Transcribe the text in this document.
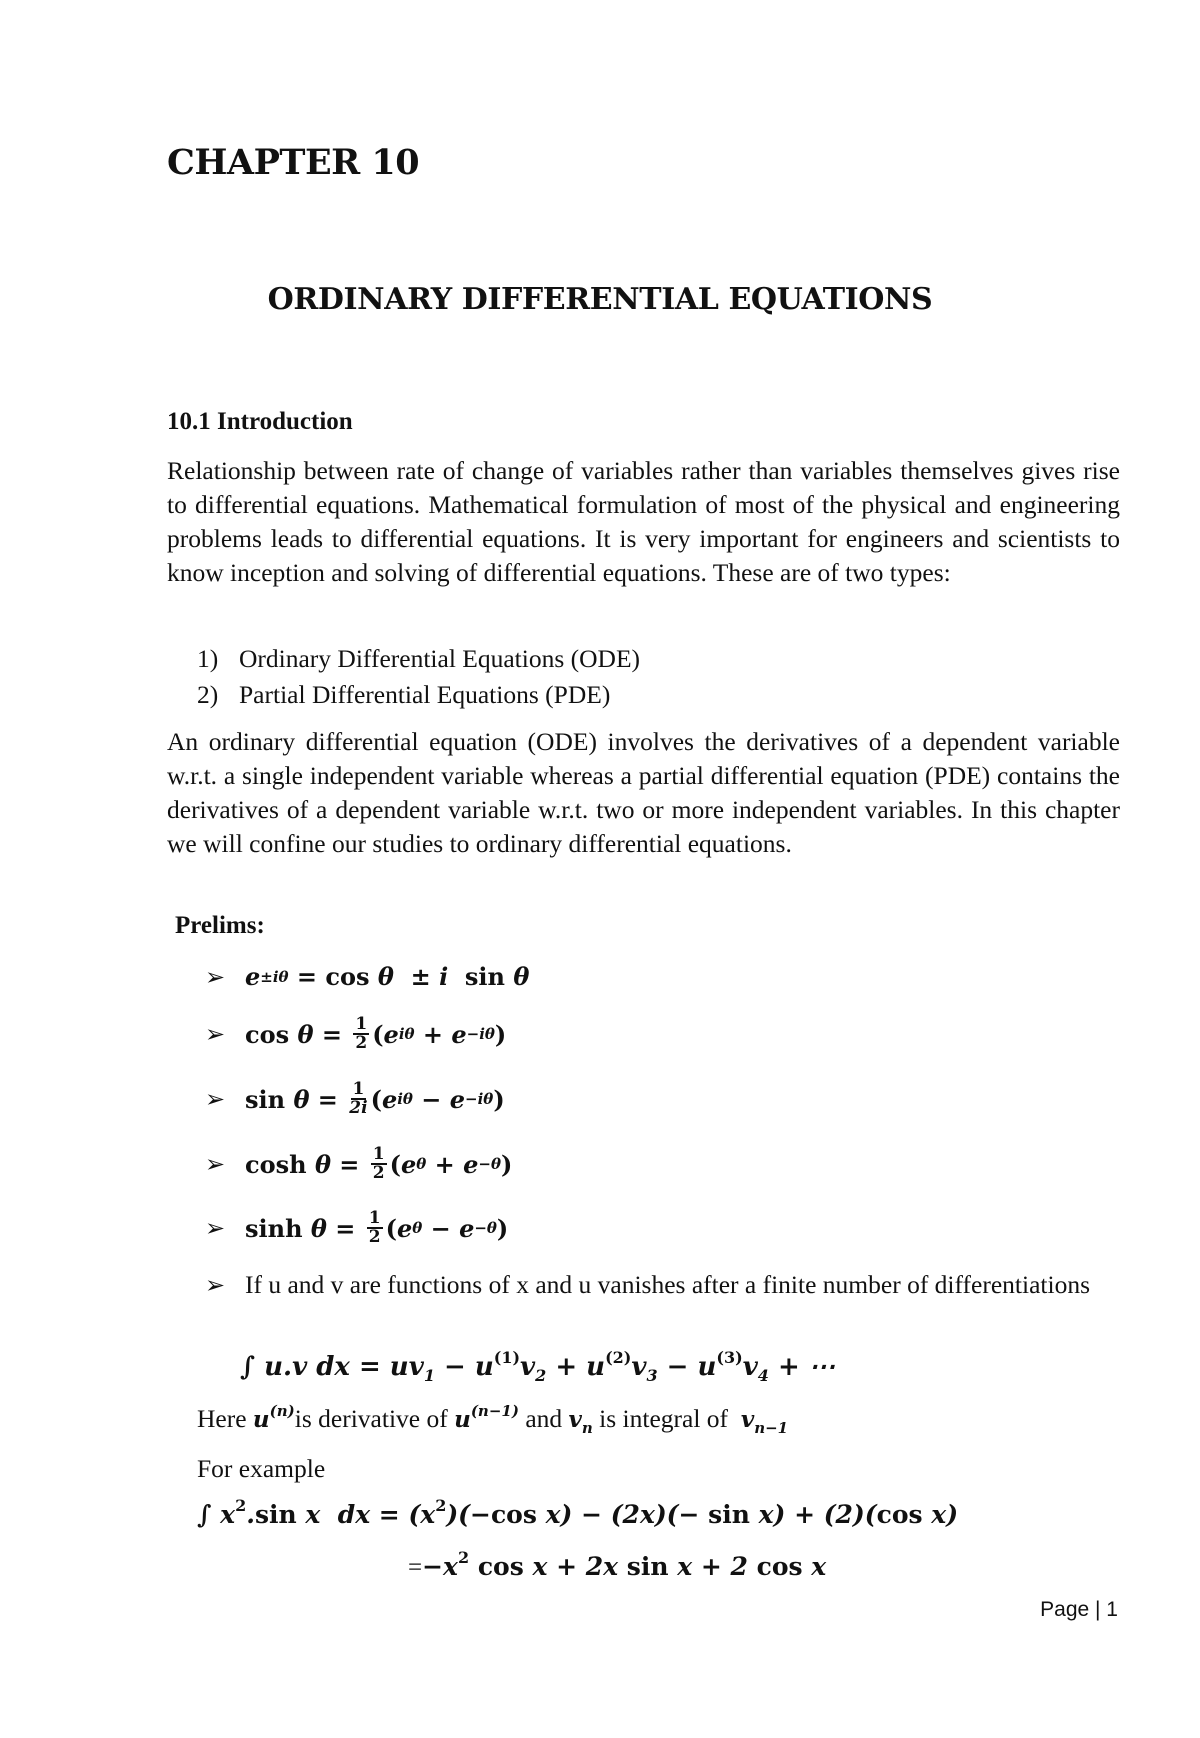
CHAPTER 10
ORDINARY DIFFERENTIAL EQUATIONS
10.1 Introduction
Relationship between rate of change of variables rather than variables themselves gives rise to differential equations. Mathematical formulation of most of the physical and engineering problems leads to differential equations. It is very important for engineers and scientists to know inception and solving of differential equations. These are of two types:
1) Ordinary Differential Equations (ODE)
2) Partial Differential Equations (PDE)
An ordinary differential equation (ODE) involves the derivatives of a dependent variable w.r.t. a single independent variable whereas a partial differential equation (PDE) contains the derivatives of a dependent variable w.r.t. two or more independent variables. In this chapter we will confine our studies to ordinary differential equations.
Prelims:
➢ e ±iθ = cos θ ± i sin θ
➢ $\cos \theta = \frac{1}{2}$ ( e iθ + e −iθ )
➢ $\sin \theta = \frac{1}{2i}$ ( e iθ − e −iθ )
➢ $\cosh \theta = \frac{1}{2}$ ( e θ + e −θ )
➢ $\sinh \theta = \frac{1}{2}$ ( e θ − e −θ )
➢ If u and v are functions of x and u vanishes after a finite number of differentiations
∫ u.v dx = $uv_1 - u^{(1)}v_2 + u^{(2)}v_3 - u^{(3)}v_4$ + ⋯
Here $u^{(n)}is$ derivative of $u^{(n-1)}$ and $v_n$ is integral of $v_{n-1}$
For example
∫ $x^2.\sin$ x  dx = $(x^2)(-\cos$ x) − (2x)(− sin x) + (2)(cos x)
$=-x^2$ cos x + 2x sin x + 2 cos x
Page | 1
